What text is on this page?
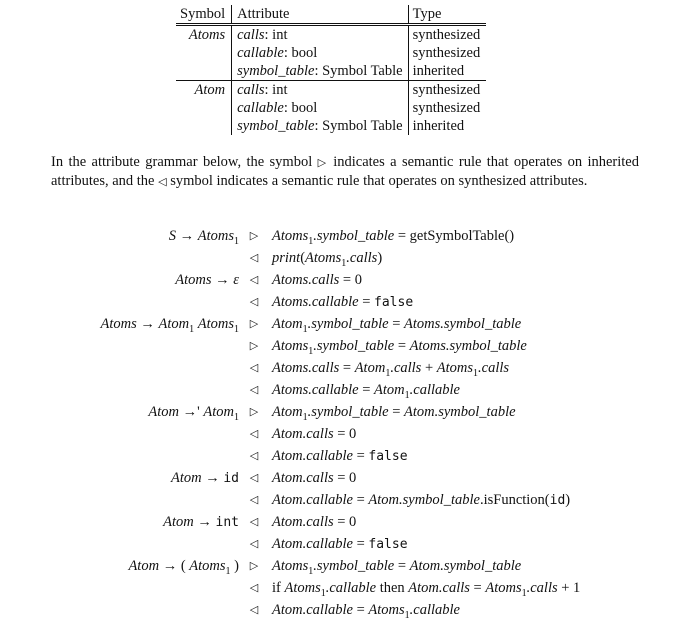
Symbol	Attribute	Type
Atoms	calls: int	synthesized
	callable: bool	synthesized
	symbol_table: Symbol Table	inherited
Atom	calls: int	synthesized
	callable: bool	synthesized
	symbol_table: Symbol Table	inherited

In the attribute grammar below, the symbol ▷ indicates a semantic rule that operates on inherited attributes, and the ◁ symbol indicates a semantic rule that operates on synthesized attributes.

S → Atoms$_1$ ▷ Atoms$_1$.symbol_table = getSymbolTable()
◁ print(Atoms$_1$.calls)
Atoms → ε ◁ Atoms.calls = 0
◁ Atoms.callable = false
Atoms → Atom$_1$ Atoms$_1$ ▷ Atom$_1$.symbol_table = Atoms.symbol_table
▷ Atoms$_1$.symbol_table = Atoms.symbol_table
◁ Atoms.calls = Atom$_1$.calls + Atoms$_1$.calls
◁ Atoms.callable = Atom$_1$.callable
Atom →' Atom$_1$ ▷ Atom$_1$.symbol_table = Atom.symbol_table
◁ Atom.calls = 0
◁ Atom.callable = false
Atom → id ◁ Atom.calls = 0
◁ Atom.callable = Atom.symbol_table.isFunction(id)
Atom → int ◁ Atom.calls = 0
◁ Atom.callable = false
Atom → ( Atoms$_1$ ) ▷ Atoms$_1$.symbol_table = Atom.symbol_table
◁ if Atoms$_1$.callable then Atom.calls = Atoms$_1$.calls + 1
◁ Atom.callable = Atoms$_1$.callable
